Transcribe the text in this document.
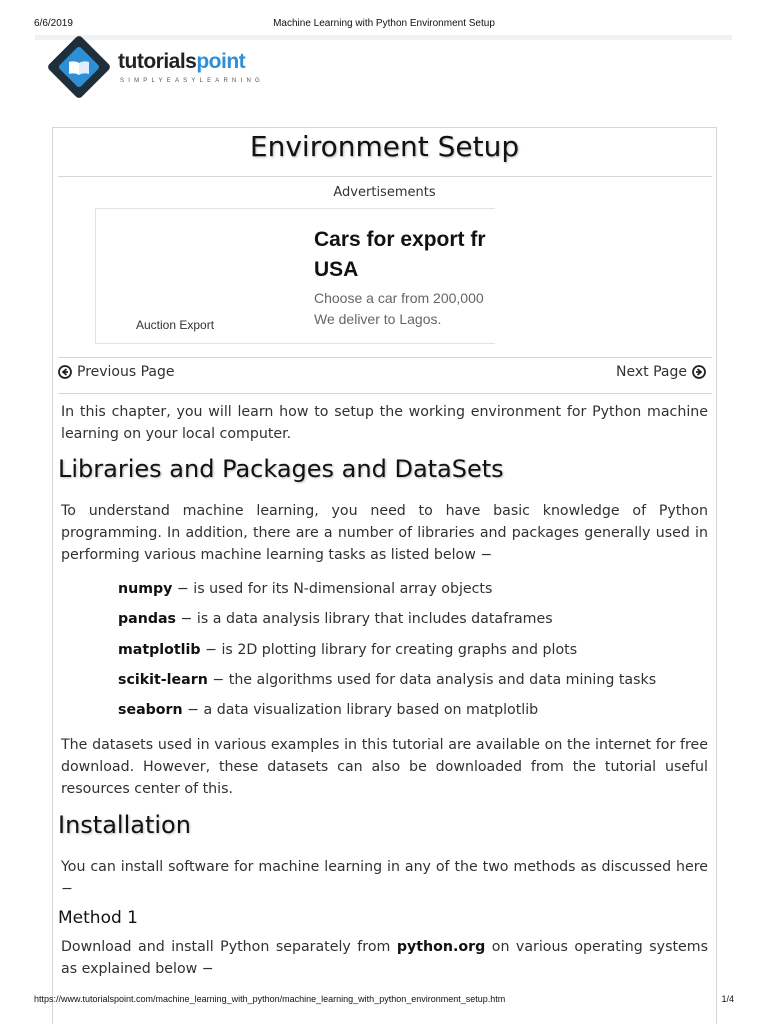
6/6/2019	Machine Learning with Python Environment Setup
tutorialspoint
SIMPLYEASYLEARNING
Environment Setup
Advertisements
Auction Export
Cars for export fr
USA
Choose a car from 200,000
We deliver to Lagos.
Previous Page	Next Page

In this chapter, you will learn how to setup the working environment for Python machine learning on your local computer.

Libraries and Packages and DataSets

To understand machine learning, you need to have basic knowledge of Python programming. In addition, there are a number of libraries and packages generally used in performing various machine learning tasks as listed below −

numpy − is used for its N-dimensional array objects
pandas − is a data analysis library that includes dataframes
matplotlib − is 2D plotting library for creating graphs and plots
scikit-learn − the algorithms used for data analysis and data mining tasks
seaborn − a data visualization library based on matplotlib

The datasets used in various examples in this tutorial are available on the internet for free download. However, these datasets can also be downloaded from the tutorial useful resources center of this.

Installation

You can install software for machine learning in any of the two methods as discussed here −

Method 1

Download and install Python separately from python.org on various operating systems as explained below −

https://www.tutorialspoint.com/machine_learning_with_python/machine_learning_with_python_environment_setup.htm	1/4
